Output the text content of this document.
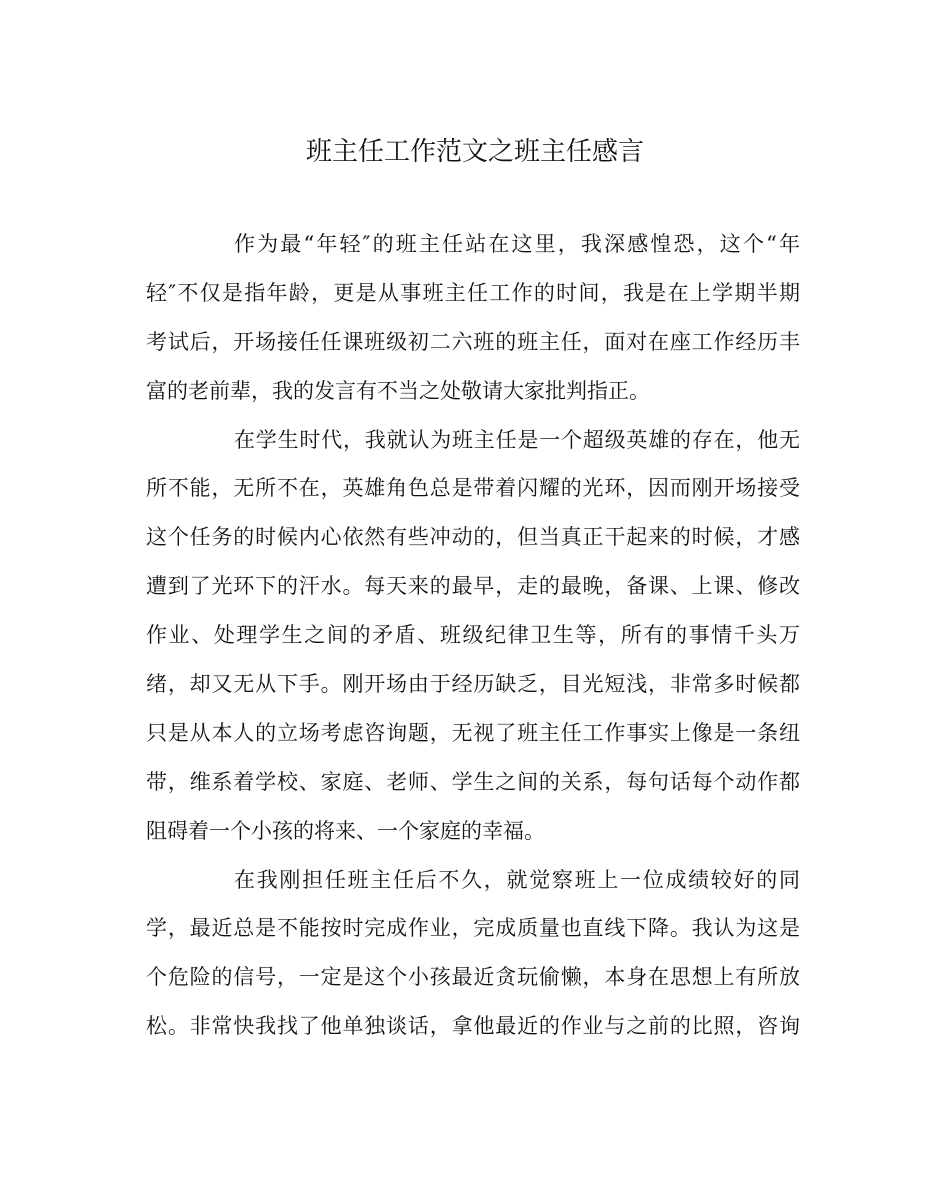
班主任工作范文之班主任感言

作为最“年轻″的班主任站在这里，我深感惶恐，这个“年
轻″不仅是指年龄，更是从事班主任工作的时间，我是在上学期半期
考试后，开场接任任课班级初二六班的班主任，面对在座工作经历丰
富的老前辈，我的发言有不当之处敬请大家批判指正。

在学生时代，我就认为班主任是一个超级英雄的存在，他无
所不能，无所不在，英雄角色总是带着闪耀的光环，因而刚开场接受
这个任务的时候内心依然有些冲动的，但当真正干起来的时候，才感
遭到了光环下的汗水。每天来的最早，走的最晚，备课、上课、修改
作业、处理学生之间的矛盾、班级纪律卫生等，所有的事情千头万
绪，却又无从下手。刚开场由于经历缺乏，目光短浅，非常多时候都
只是从本人的立场考虑咨询题，无视了班主任工作事实上像是一条纽
带，维系着学校、家庭、老师、学生之间的关系，每句话每个动作都
阻碍着一个小孩的将来、一个家庭的幸福。

在我刚担任班主任后不久，就觉察班上一位成绩较好的同
学，最近总是不能按时完成作业，完成质量也直线下降。我认为这是
个危险的信号，一定是这个小孩最近贪玩偷懒，本身在思想上有所放
松。非常快我找了他单独谈话，拿他最近的作业与之前的比照，咨询
